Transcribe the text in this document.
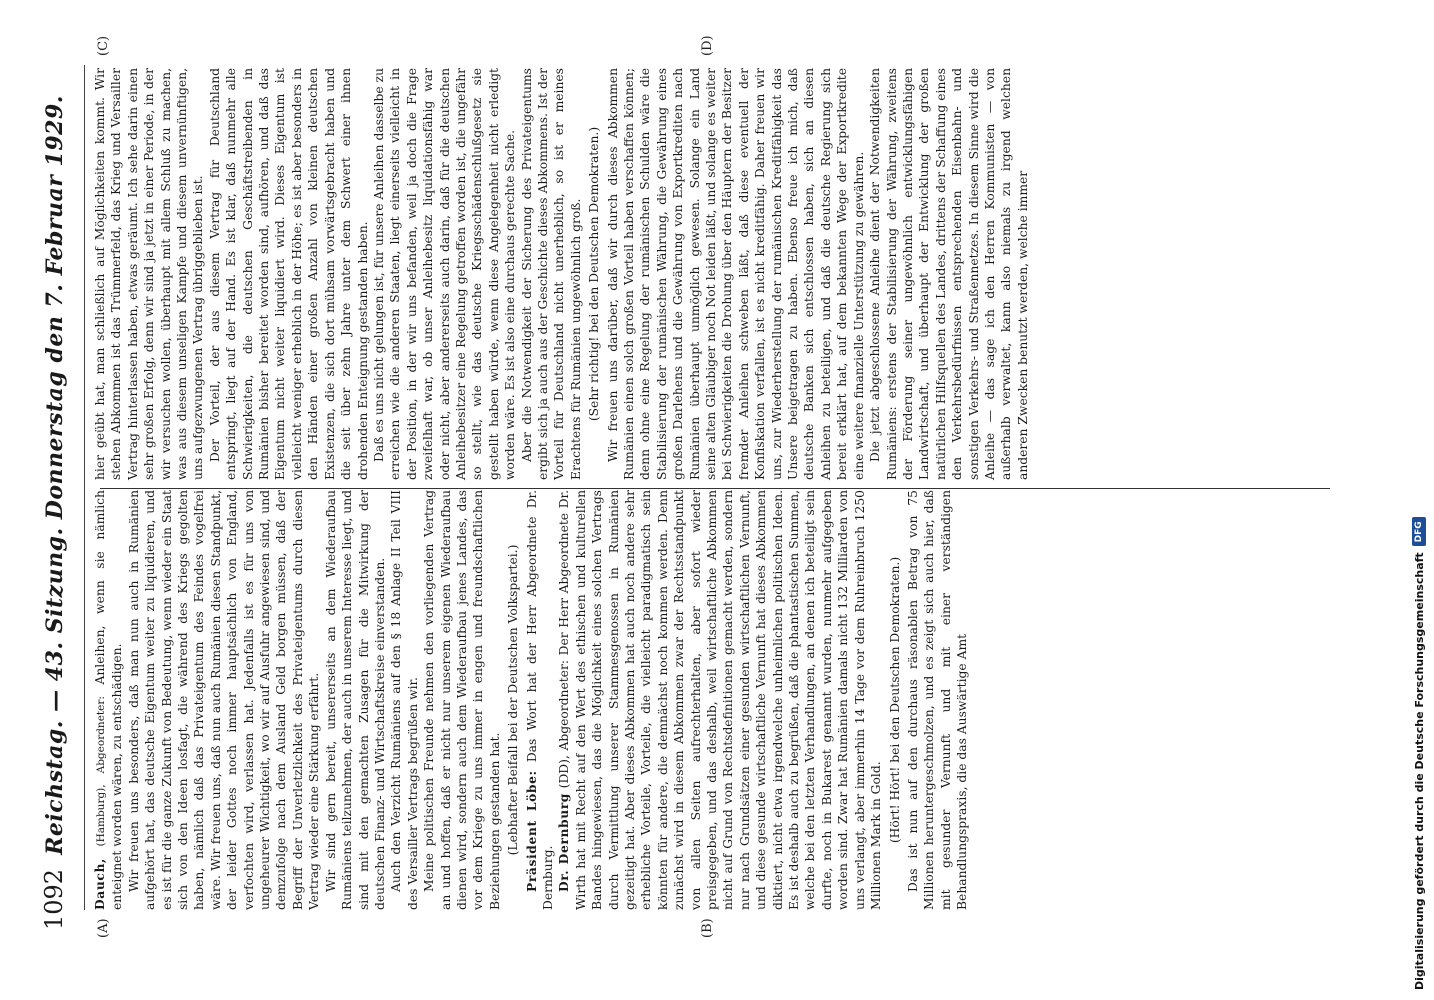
1092
Reichstag. — 43. Sitzung. Donnerstag den 7. Februar 1929.
(A)	(B)
(C)	(D)

Dauch, (Hamburg), Abgeordneter: Anleihen, wenn sie nämlich enteignet worden wären, zu entschädigen. Wir freuen uns besonders, daß man nun auch in Rumänien aufgehört hat, das deutsche Eigentum weiter zu liquidieren, und es ist für die ganze Zukunft von Bedeutung, wenn wieder ein Staat sich von den Ideen losfagt, die während des Kriegs gegolten haben, nämlich daß das Privateigentum des Feindes vogelfrei wäre. Wir freuen uns, daß nun auch Rumänien diesen Standpunkt, der leider Gottes noch immer hauptsächlich von England, verfochten wird, verlassen hat. Jedenfalls ist es für uns von ungeheurer Wichtigkeit, wo wir auf Ausfuhr angewiesen sind, und demzufolge nach dem Ausland Geld borgen müssen, daß der Begriff der Unverletzlichkeit des Privateigentums durch diesen Vertrag wieder eine Stärkung erfährt. Wir sind gern bereit, unsererseits an dem Wiederaufbau Rumäniens teilzunehmen, der auch in unserem Interesse liegt, und sind mit den gemachten Zusagen für die Mitwirkung der deutschen Finanz- und Wirtschaftskreise einverstanden. Auch den Verzicht Rumäniens auf den § 18 Anlage II Teil VIII des Versailler Vertrags begrüßen wir. Meine politischen Freunde nehmen den vorliegenden Vertrag an und hoffen, daß er nicht nur unserem eigenen Wiederaufbau dienen wird, sondern auch dem Wiederaufbau jenes Landes, das vor dem Kriege zu uns immer in engen und freundschaftlichen Beziehungen gestanden hat. (Lebhafter Beifall bei der Deutschen Volkspartei.) Präsident Löbe: Das Wort hat der Herr Abgeordnete Dr. Dernburg. Dr. Dernburg (DD), Abgeordneter: Der Herr Abgeordnete Dr. Wirth hat mit Recht auf den Wert des ethischen und kulturellen Bandes hingewiesen, das die Möglichkeit eines solchen Vertrags durch Vermittlung unserer Stammesgenossen in Rumänien gezeitigt hat. Aber dieses Abkommen hat auch noch andere sehr erhebliche Vorteile, Vorteile, die vielleicht paradigmatisch sein könnten für andere, die demnächst noch kommen werden. Denn zunächst wird in diesem Abkommen zwar der Rechtsstandpunkt von allen Seiten aufrechterhalten, aber sofort wieder preisgegeben, und das deshalb, weil wirtschaftliche Abkommen nicht auf Grund von Rechtsdefinitionen gemacht werden, sondern nur nach Grundsätzen einer gesunden wirtschaftlichen Vernunft, und diese gesunde wirtschaftliche Vernunft hat dieses Abkommen diktiert, nicht etwa irgendwelche unheimlichen politischen Ideen. Es ist deshalb auch zu begrüßen, daß die phantastischen Summen, welche bei den letzten Verhandlungen, an denen ich beteiligt sein durfte, noch in Bukarest genannt wurden, nunmehr aufgegeben worden sind. Zwar hat Rumänien damals nicht 132 Milliarden von uns verlangt, aber immerhin 14 Tage vor dem Ruhreinbruch 1250 Millionen Mark in Gold. (Hört! Hört! bei den Deutschen Demokraten.) Das ist nun auf den durchaus räsonablen Betrag von 75 Millionen heruntergeschmolzen, und es zeigt sich auch hier, daß mit gesunder Vernunft und mit einer verständigen Behandlungspraxis, die das Auswärtige Amt

hier geübt hat, man schließlich auf Möglichkeiten kommt. Wir stehen Abkommen ist das Trümmerfeld, das Krieg und Versailler Vertrag hinterlassen haben, etwas geräumt. Ich sehe darin einen sehr großen Erfolg, denn wir sind ja jetzt in einer Periode, in der wir versuchen wollen, überhaupt mit allem Schluß zu machen, was aus diesem unseligen Kampfe und diesem unvernünftigen, uns aufgezwungenen Vertrag übriggeblieben ist. Der Vorteil, der aus diesem Vertrag für Deutschland entspringt, liegt auf der Hand. Es ist klar, daß nunmehr alle Schwierigkeiten, die deutschen Geschäftstreibenden in Rumänien bisher bereitet worden sind, aufhören, und daß das Eigentum nicht weiter liquidiert wird. Dieses Eigentum ist vielleicht weniger erheblich in der Höhe; es ist aber besonders in den Händen einer großen Anzahl von kleinen deutschen Existenzen, die sich dort mühsam vorwärtsgebracht haben und die seit über zehn Jahre unter dem Schwert einer ihnen drohenden Enteignung gestanden haben. Daß es uns nicht gelungen ist, für unsere Anleihen dasselbe zu erreichen wie die anderen Staaten, liegt einerseits vielleicht in der Position, in der wir uns befanden, weil ja doch die Frage zweifelhaft war, ob unser Anleihebesitz liquidationsfähig war oder nicht, aber andererseits auch darin, daß für die deutschen Anleihebesitzer eine Regelung getroffen worden ist, die ungefähr so stellt, wie das deutsche Kriegsschädenschlußgesetz sie gestellt haben würde, wenn diese Angelegenheit nicht erledigt worden wäre. Es ist also eine durchaus gerechte Sache. Aber die Notwendigkeit der Sicherung des Privateigentums ergibt sich ja auch aus der Geschichte dieses Abkommens. Ist der Vorteil für Deutschland nicht unerheblich, so ist er meines Erachtens für Rumänien ungewöhnlich groß. (Sehr richtig! bei den Deutschen Demokraten.) Wir freuen uns darüber, daß wir durch dieses Abkommen Rumänien einen solch großen Vorteil haben verschaffen können; denn ohne eine Regelung der rumänischen Schulden wäre die Stabilisierung der rumänischen Währung, die Gewährung eines großen Darlehens und die Gewährung von Exportkrediten nach Rumänien überhaupt unmöglich gewesen. Solange ein Land seine alten Gläubiger noch Not leiden läßt, und solange es weiter bei Schwierigkeiten die Drohung über den Häuptern der Besitzer fremder Anleihen schweben läßt, daß diese eventuell der Konfiskation verfallen, ist es nicht kreditfähig. Daher freuen wir uns, zur Wiederherstellung der rumänischen Kreditfähigkeit das Unsere beigetragen zu haben. Ebenso freue ich mich, daß deutsche Banken sich entschlossen haben, sich an diesen Anleihen zu beteiligen, und daß die deutsche Regierung sich bereit erklärt hat, auf dem bekannten Wege der Exportkredite eine weitere finanzielle Unterstützung zu gewähren. Die jetzt abgeschlossene Anleihe dient der Notwendigkeiten Rumäniens: erstens der Stabilisierung der Währung, zweitens der Förderung seiner ungewöhnlich entwicklungsfähigen Landwirtschaft, und überhaupt der Entwicklung der großen natürlichen Hilfsquellen des Landes, drittens der Schaffung eines den Verkehrsbedürfnissen entsprechenden Eisenbahn- und sonstigen Verkehrs- und Straßennetzes. In diesem Sinne wird die Anleihe — das sage ich den Herren Kommunisten — von außerhalb verwaltet, kann also niemals zu irgend welchen anderen Zwecken benutzt werden, welche immer

Digitalisierung gefördert durch die Deutsche Forschungsgemeinschaft
DFG
